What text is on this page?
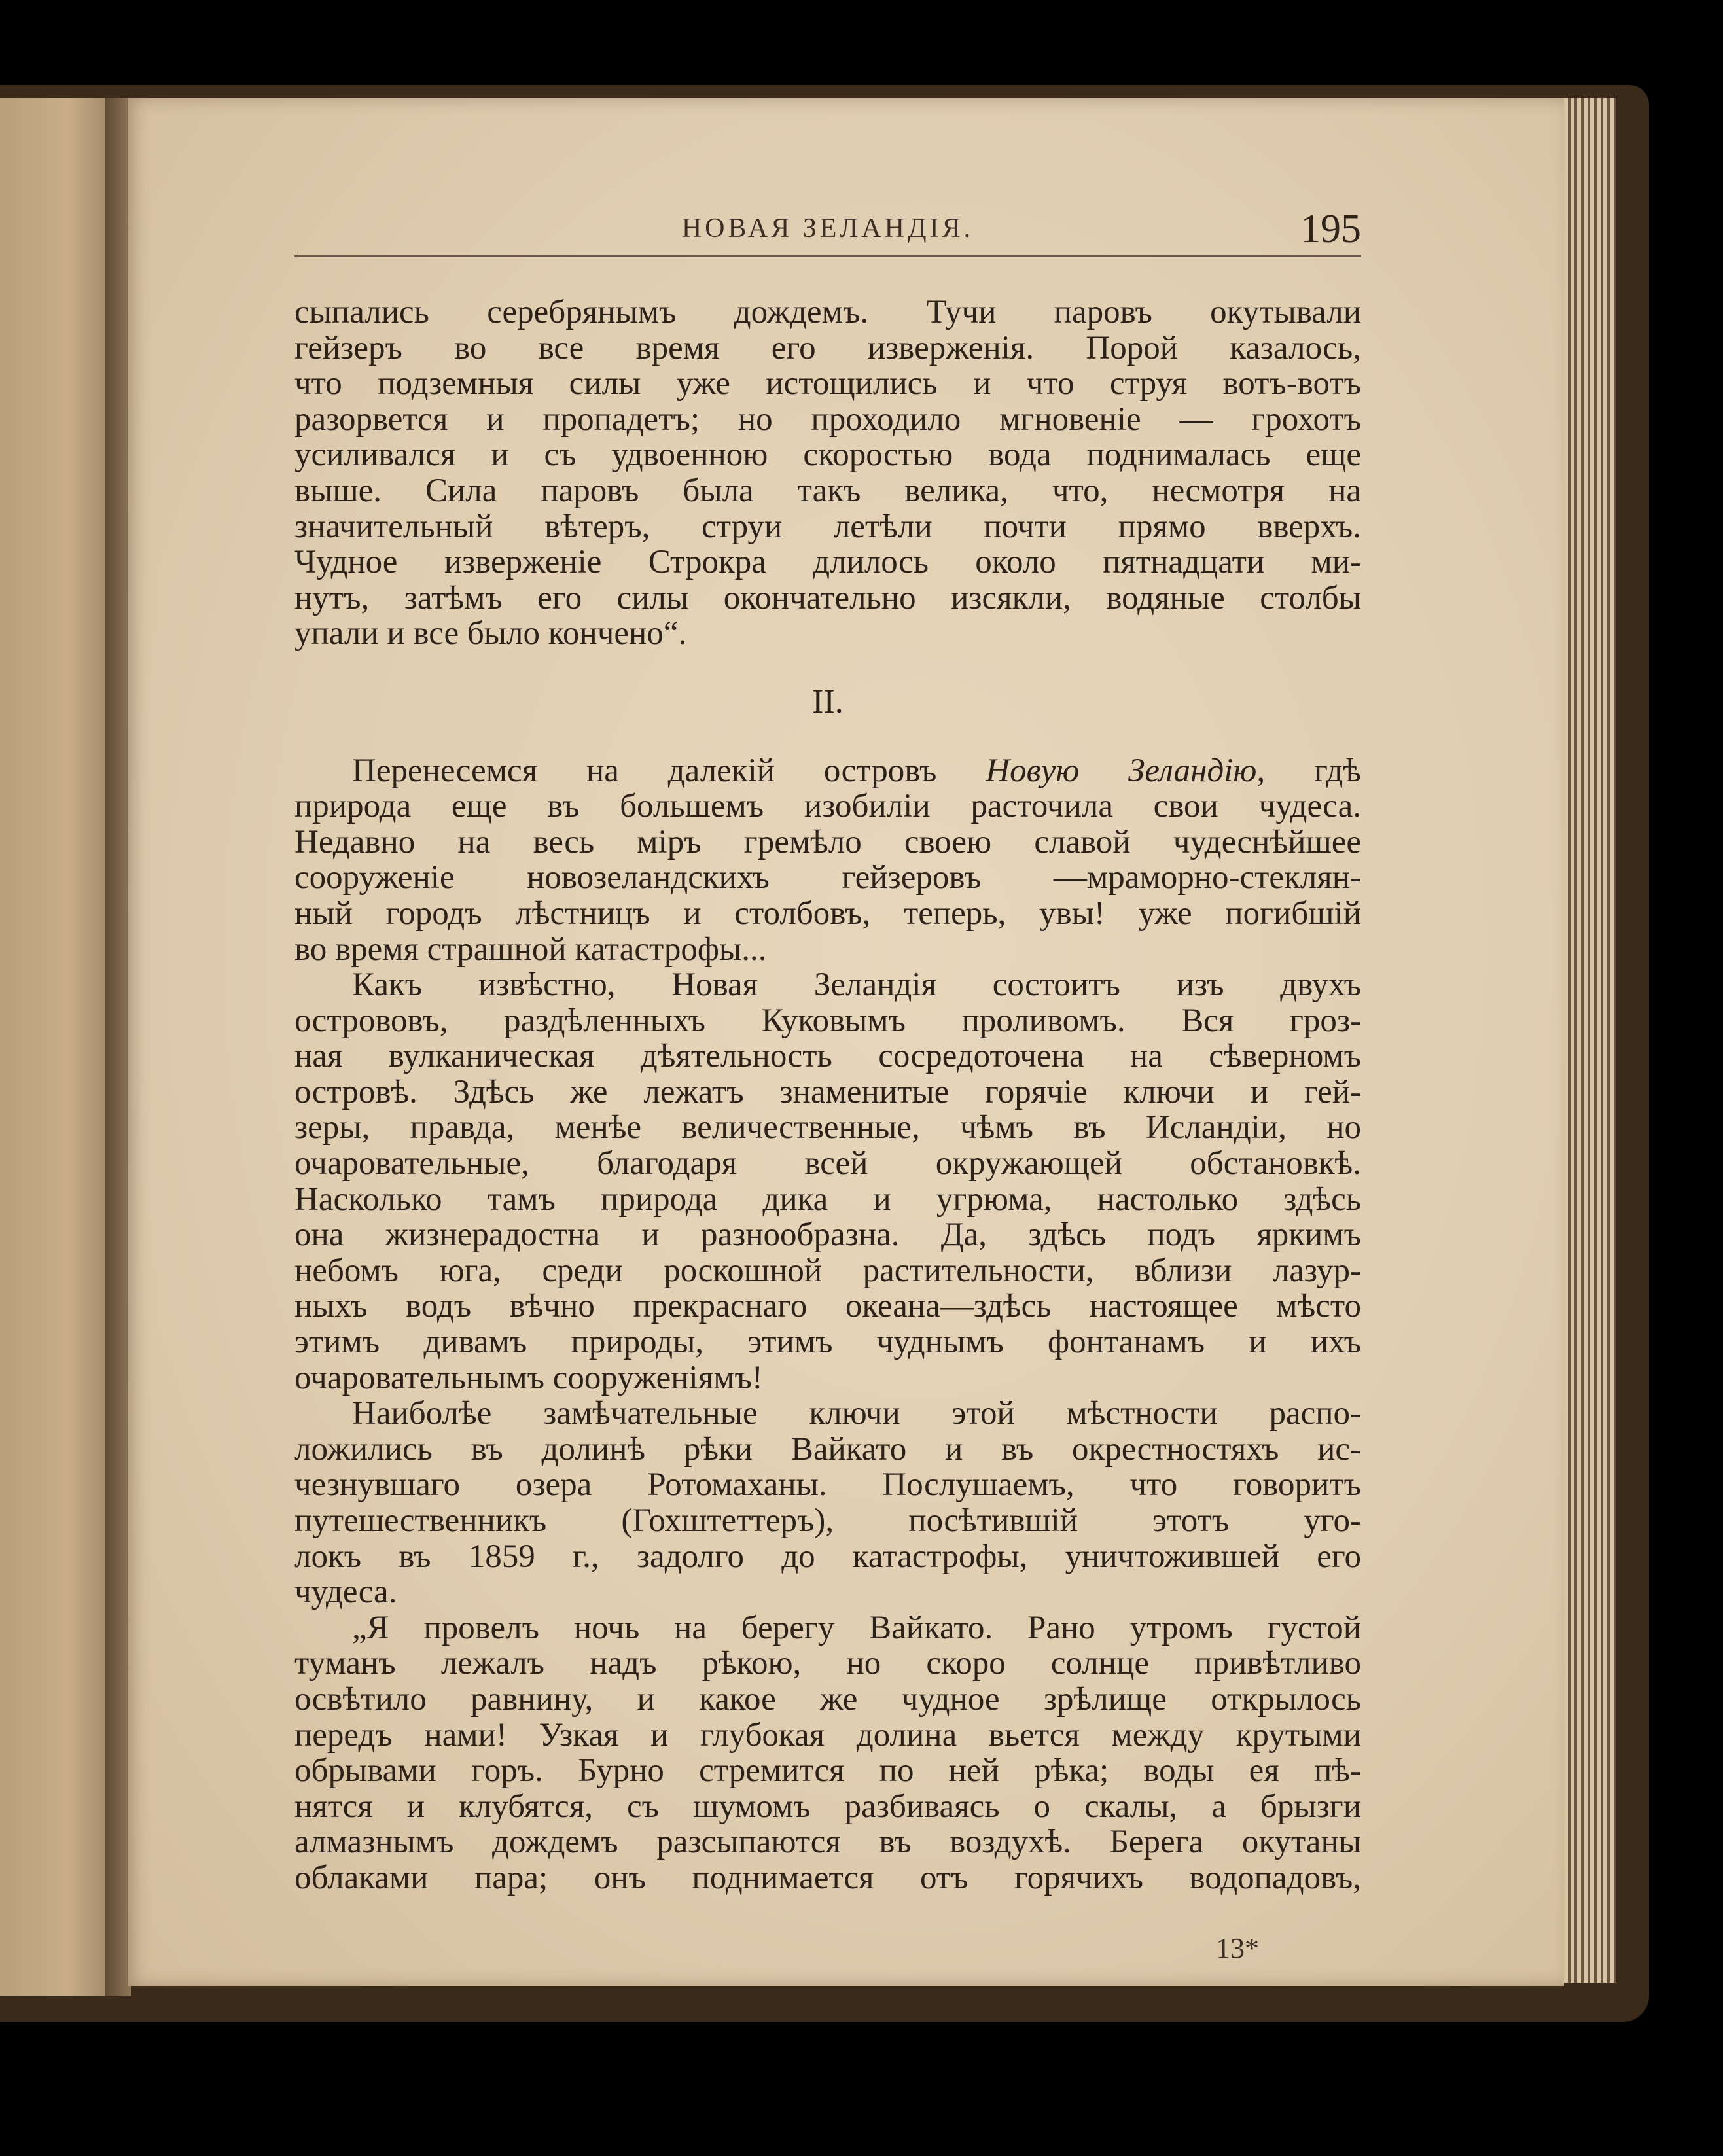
НОВАЯ ЗЕЛАНДІЯ.	195
сыпались серебрянымъ дождемъ. Тучи паровъ окутывали
гейзеръ во все время его изверженія. Порой казалось,
что подземныя силы уже истощились и что струя вотъ-вотъ
разорвется и пропадетъ; но проходило мгновеніе — грохотъ
усиливался и съ удвоенною скоростью вода поднималась еще
выше. Сила паровъ была такъ велика, что, несмотря на
значительный вѣтеръ, струи летѣли почти прямо вверхъ.
Чудное изверженіе Строкра длилось около пятнадцати ми-
нутъ, затѣмъ его силы окончательно изсякли, водяные столбы
упали и все было кончено“.
II.
Перенесемся на далекій островъ Новую Зеландію, гдѣ
природа еще въ большемъ изобиліи расточила свои чудеса.
Недавно на весь міръ гремѣло своею славой чудеснѣйшее
сооруженіе новозеландскихъ гейзеровъ —мраморно-стеклян-
ный городъ лѣстницъ и столбовъ, теперь, увы! уже погибшій
во время страшной катастрофы...
Какъ извѣстно, Новая Зеландія состоитъ изъ двухъ
острововъ, раздѣленныхъ Куковымъ проливомъ. Вся гроз-
ная вулканическая дѣятельность сосредоточена на сѣверномъ
островѣ. Здѣсь же лежатъ знаменитые горячіе ключи и гей-
зеры, правда, менѣе величественные, чѣмъ въ Исландіи, но
очаровательные, благодаря всей окружающей обстановкѣ.
Насколько тамъ природа дика и угрюма, настолько здѣсь
она жизнерадостна и разнообразна. Да, здѣсь подъ яркимъ
небомъ юга, среди роскошной растительности, вблизи лазур-
ныхъ водъ вѣчно прекраснаго океана—здѣсь настоящее мѣсто
этимъ дивамъ природы, этимъ чуднымъ фонтанамъ и ихъ
очаровательнымъ сооруженіямъ!
Наиболѣе замѣчательные ключи этой мѣстности распо-
ложились въ долинѣ рѣки Вайкато и въ окрестностяхъ ис-
чезнувшаго озера Ротомаханы. Послушаемъ, что говоритъ
путешественникъ (Гохштеттеръ), посѣтившій этотъ уго-
локъ въ 1859 г., задолго до катастрофы, уничтожившей его
чудеса.
„Я провелъ ночь на берегу Вайкато. Рано утромъ густой
туманъ лежалъ надъ рѣкою, но скоро солнце привѣтливо
освѣтило равнину, и какое же чудное зрѣлище открылось
передъ нами! Узкая и глубокая долина вьется между крутыми
обрывами горъ. Бурно стремится по ней рѣка; воды ея пѣ-
нятся и клубятся, съ шумомъ разбиваясь о скалы, а брызги
алмазнымъ дождемъ разсыпаются въ воздухѣ. Берега окутаны
облаками пара; онъ поднимается отъ горячихъ водопадовъ,
13*
